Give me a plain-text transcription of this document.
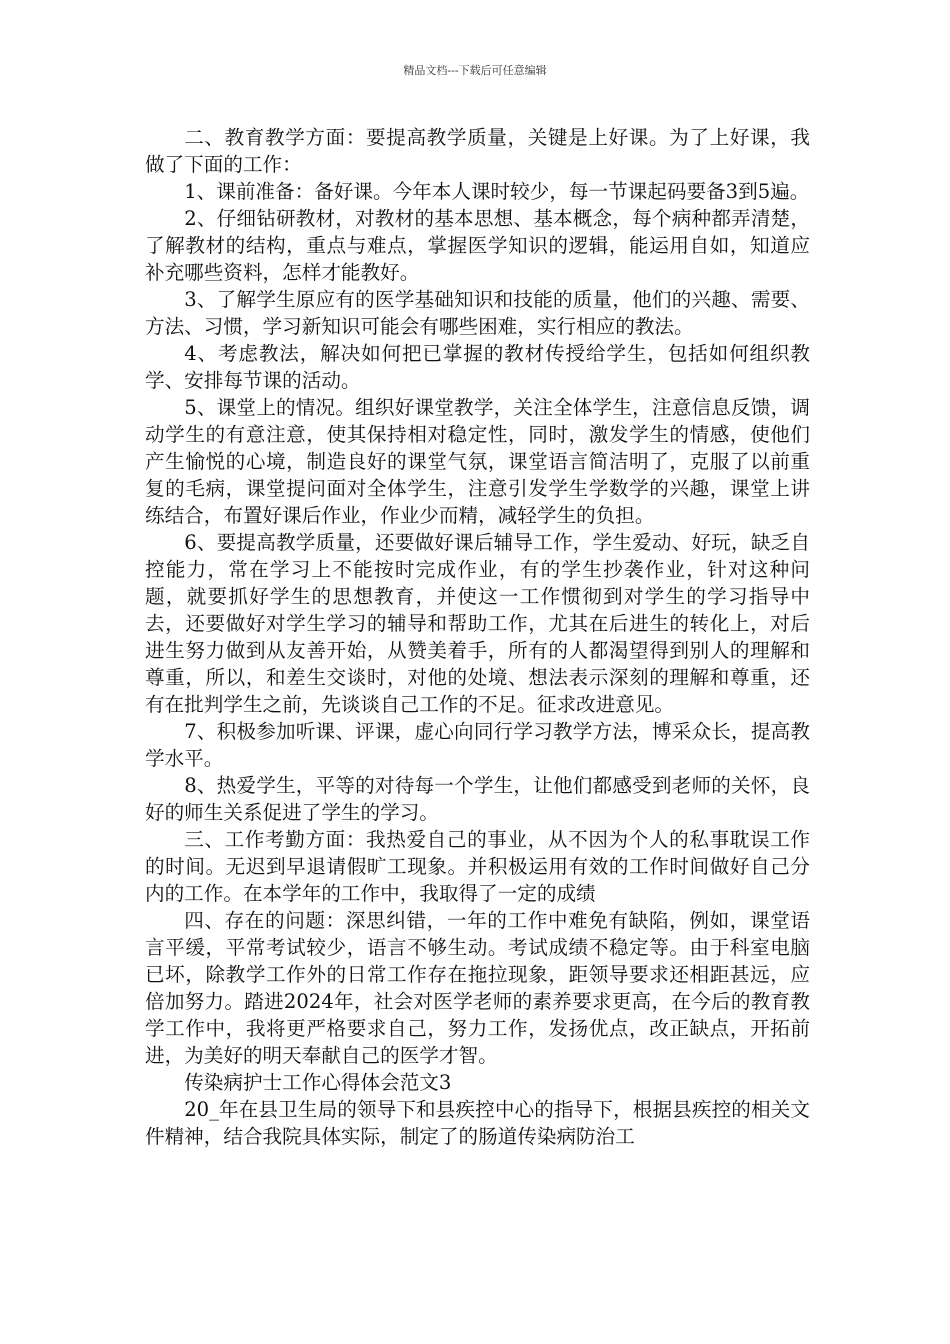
精品文档---下载后可任意编辑

二、教育教学方面：要提高教学质量，关键是上好课。为了上好课，我做了下面的工作：

1、课前准备：备好课。今年本人课时较少，每一节课起码要备3到5遍。

2、仔细钻研教材，对教材的基本思想、基本概念，每个病种都弄清楚，了解教材的结构，重点与难点，掌握医学知识的逻辑，能运用自如，知道应补充哪些资料，怎样才能教好。

3、了解学生原应有的医学基础知识和技能的质量，他们的兴趣、需要、方法、习惯，学习新知识可能会有哪些困难，实行相应的教法。

4、考虑教法，解决如何把已掌握的教材传授给学生，包括如何组织教学、安排每节课的活动。

5、课堂上的情况。组织好课堂教学，关注全体学生，注意信息反馈，调动学生的有意注意，使其保持相对稳定性，同时，激发学生的情感，使他们产生愉悦的心境，制造良好的课堂气氛，课堂语言简洁明了，克服了以前重复的毛病，课堂提问面对全体学生，注意引发学生学数学的兴趣，课堂上讲练结合，布置好课后作业，作业少而精，减轻学生的负担。

6、要提高教学质量，还要做好课后辅导工作，学生爱动、好玩，缺乏自控能力，常在学习上不能按时完成作业，有的学生抄袭作业，针对这种问题，就要抓好学生的思想教育，并使这一工作惯彻到对学生的学习指导中去，还要做好对学生学习的辅导和帮助工作，尤其在后进生的转化上，对后进生努力做到从友善开始，从赞美着手，所有的人都渴望得到别人的理解和尊重，所以，和差生交谈时，对他的处境、想法表示深刻的理解和尊重，还有在批判学生之前，先谈谈自己工作的不足。征求改进意见。

7、积极参加听课、评课，虚心向同行学习教学方法，博采众长，提高教学水平。

8、热爱学生，平等的对待每一个学生，让他们都感受到老师的关怀，良好的师生关系促进了学生的学习。

三、工作考勤方面：我热爱自己的事业，从不因为个人的私事耽误工作的时间。无迟到早退请假旷工现象。并积极运用有效的工作时间做好自己分内的工作。在本学年的工作中，我取得了一定的成绩

四、存在的问题：深思纠错，一年的工作中难免有缺陷，例如，课堂语言平缓，平常考试较少，语言不够生动。考试成绩不稳定等。由于科室电脑已坏，除教学工作外的日常工作存在拖拉现象，距领导要求还相距甚远，应倍加努力。踏进2024年，社会对医学老师的素养要求更高，在今后的教育教学工作中，我将更严格要求自己，努力工作，发扬优点，改正缺点，开拓前进，为美好的明天奉献自己的医学才智。

传染病护士工作心得体会范文3

20_年在县卫生局的领导下和县疾控中心的指导下，根据县疾控的相关文件精神，结合我院具体实际，制定了的肠道传染病防治工
